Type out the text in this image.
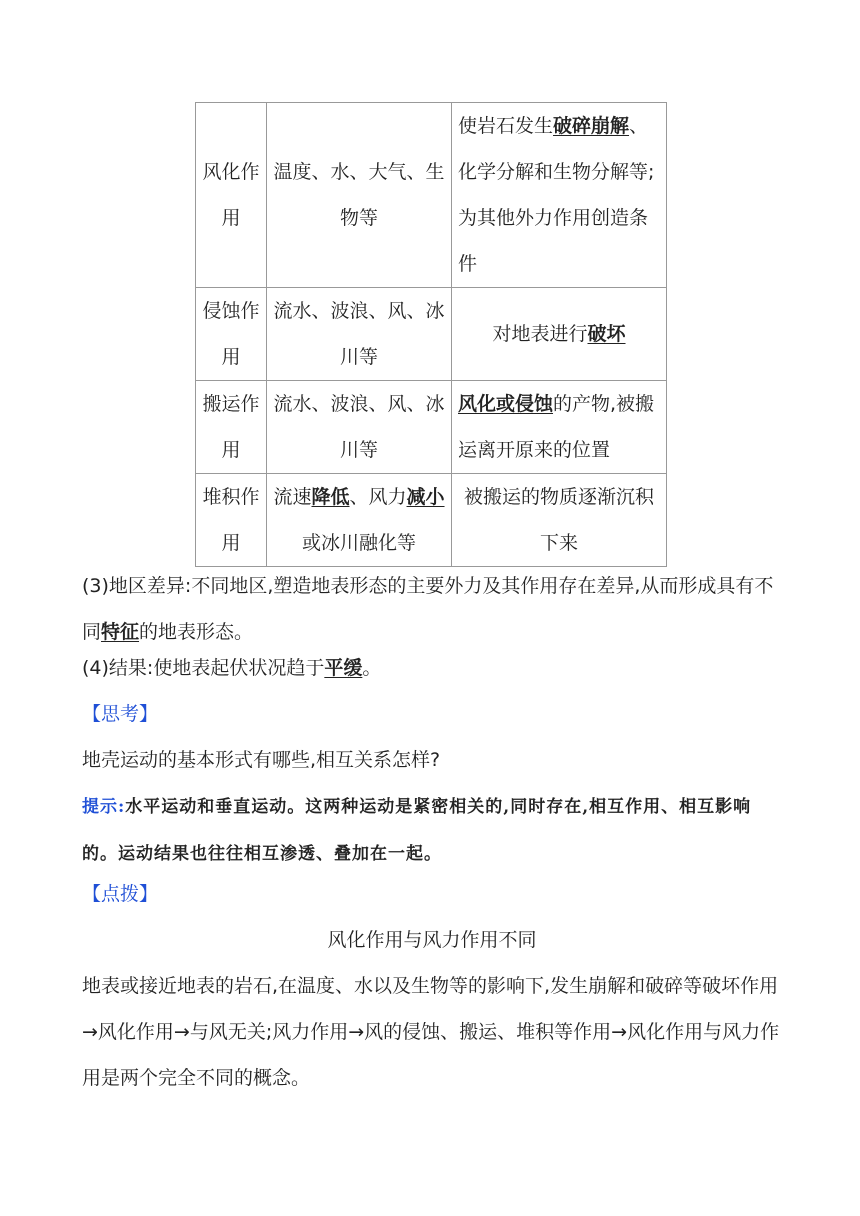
风化作用	温度、水、大气、生物等	使岩石发生破碎崩解、化学分解和生物分解等;为其他外力作用创造条件
侵蚀作用	流水、波浪、风、冰川等	对地表进行破坏
搬运作用	流水、波浪、风、冰川等	风化或侵蚀的产物,被搬运离开原来的位置
堆积作用	流速降低、风力减小或冰川融化等	被搬运的物质逐渐沉积下来
(3)地区差异:不同地区,塑造地表形态的主要外力及其作用存在差异,从而形成具有不同特征的地表形态。
(4)结果:使地表起伏状况趋于平缓。
【思考】
地壳运动的基本形式有哪些,相互关系怎样?
提示:水平运动和垂直运动。这两种运动是紧密相关的,同时存在,相互作用、相互影响的。运动结果也往往相互渗透、叠加在一起。
【点拨】
风化作用与风力作用不同
地表或接近地表的岩石,在温度、水以及生物等的影响下,发生崩解和破碎等破坏作用→风化作用→与风无关;风力作用→风的侵蚀、搬运、堆积等作用→风化作用与风力作用是两个完全不同的概念。
